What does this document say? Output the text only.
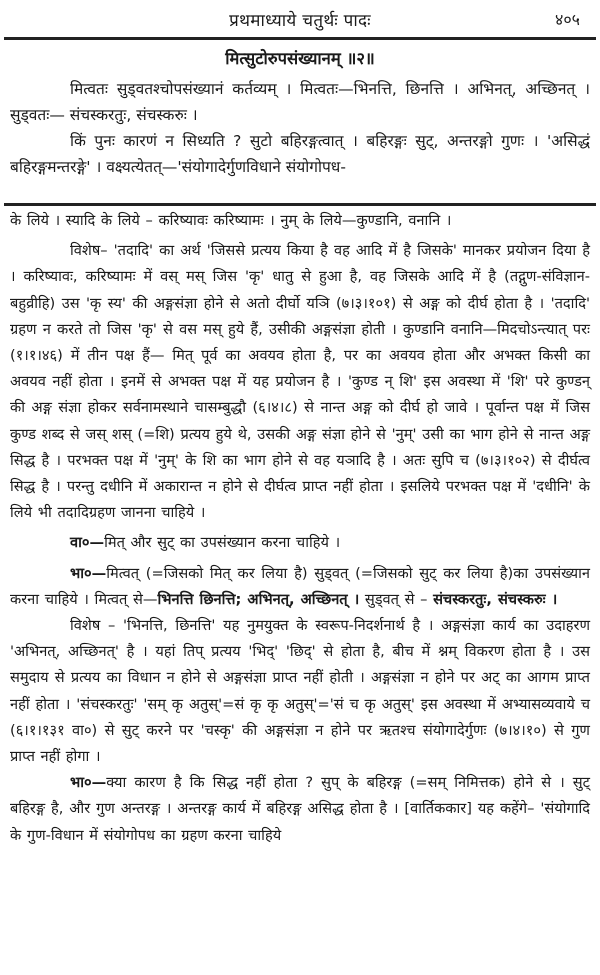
प्रथमाध्याये चतुर्थः पादः	४०५
मित्सुटोरुपसंख्यानम् ॥२॥

मित्वतः सुड्वतश्चोपसंख्यानं कर्तव्यम् । मित्वतः—भिनत्ति, छिनत्ति । अभिनत्, अच्छिनत् । सुड्वतः— संचस्करतुः, संचस्करुः ।

किं पुनः कारणं न सिध्यति ? सुटो बहिरङ्गत्वात् । बहिरङ्गः सुट्, अन्तरङ्गो गुणः । 'असिद्धं बहिरङ्गमन्तरङ्गे' । वक्ष्यत्येतत्—'संयोगादेर्गुणविधाने संयोगोपध-

के लिये । स्यादि के लिये – करिष्यावः करिष्यामः । नुम् के लिये—कुण्डानि, वनानि ।

विशेष– 'तदादि' का अर्थ 'जिससे प्रत्यय किया है वह आदि में है जिसके' मानकर प्रयोजन दिया है । करिष्यावः, करिष्यामः में वस् मस् जिस 'कृ' धातु से हुआ है, वह जिसके आदि में है (तद्गुण-संविज्ञान-बहुव्रीहि) उस 'कृ स्य' की अङ्गसंज्ञा होने से अतो दीर्घो यञि (७।३।१०१) से अङ्ग को दीर्घ होता है । 'तदादि' ग्रहण न करते तो जिस 'कृ' से वस मस् हुये हैं, उसीकी अङ्गसंज्ञा होती । कुण्डानि वनानि—मिदचोऽन्त्यात् परः (१।१।४६) में तीन पक्ष हैं— मित् पूर्व का अवयव होता है, पर का अवयव होता और अभक्त किसी का अवयव नहीं होता । इनमें से अभक्त पक्ष में यह प्रयोजन है । 'कुण्ड न् शि' इस अवस्था में 'शि' परे कुण्डन् की अङ्ग संज्ञा होकर सर्वनामस्थाने चासम्बुद्धौ (६।४।८) से नान्त अङ्ग को दीर्घ हो जावे । पूर्वान्त पक्ष में जिस कुण्ड शब्द से जस् शस् (=शि) प्रत्यय हुये थे, उसकी अङ्ग संज्ञा होने से 'नुम्' उसी का भाग होने से नान्त अङ्ग सिद्ध है । परभक्त पक्ष में 'नुम्' के शि का भाग होने से वह यञादि है । अतः सुपि च (७।३।१०२) से दीर्घत्व सिद्ध है । परन्तु दधीनि में अकारान्त न होने से दीर्घत्व प्राप्त नहीं होता । इसलिये परभक्त पक्ष में 'दधीनि' के लिये भी तदादिग्रहण जानना चाहिये ।

वा०—मित् और सुट् का उपसंख्यान करना चाहिये ।

भा०—मित्वत् (=जिसको मित् कर लिया है) सुड्वत् (=जिसको सुट् कर लिया है)का उपसंख्यान करना चाहिये । मित्वत् से—भिनत्ति छिनत्ति; अभिनत्, अच्छिनत् । सुड्वत् से – संचस्करतुः, संचस्करुः ।

विशेष – 'भिनत्ति, छिनत्ति' यह नुमयुक्त के स्वरूप-निदर्शनार्थ है । अङ्गसंज्ञा कार्य का उदाहरण 'अभिनत्, अच्छिनत्' है । यहां तिप् प्रत्यय 'भिद्' 'छिद्' से होता है, बीच में श्नम् विकरण होता है । उस समुदाय से प्रत्यय का विधान न होने से अङ्गसंज्ञा प्राप्त नहीं होती । अङ्गसंज्ञा न होने पर अट् का आगम प्राप्त नहीं होता । 'संचस्करतुः' 'सम् कृ अतुस्'=सं कृ कृ अतुस्'='सं च कृ अतुस्' इस अवस्था में अभ्यासव्यवाये च (६।१।१३१ वा०) से सुट् करने पर 'चस्कृ' की अङ्गसंज्ञा न होने पर ऋतश्च संयोगादेर्गुणः (७।४।१०) से गुण प्राप्त नहीं होगा ।

भा०—क्या कारण है कि सिद्ध नहीं होता ? सुप् के बहिरङ्ग (=सम् निमित्तक) होने से । सुट् बहिरङ्ग है, और गुण अन्तरङ्ग । अन्तरङ्ग कार्य में बहिरङ्ग असिद्ध होता है । [वार्तिककार] यह कहेंगे– 'संयोगादि के गुण-विधान में संयोगोपध का ग्रहण करना चाहिये
